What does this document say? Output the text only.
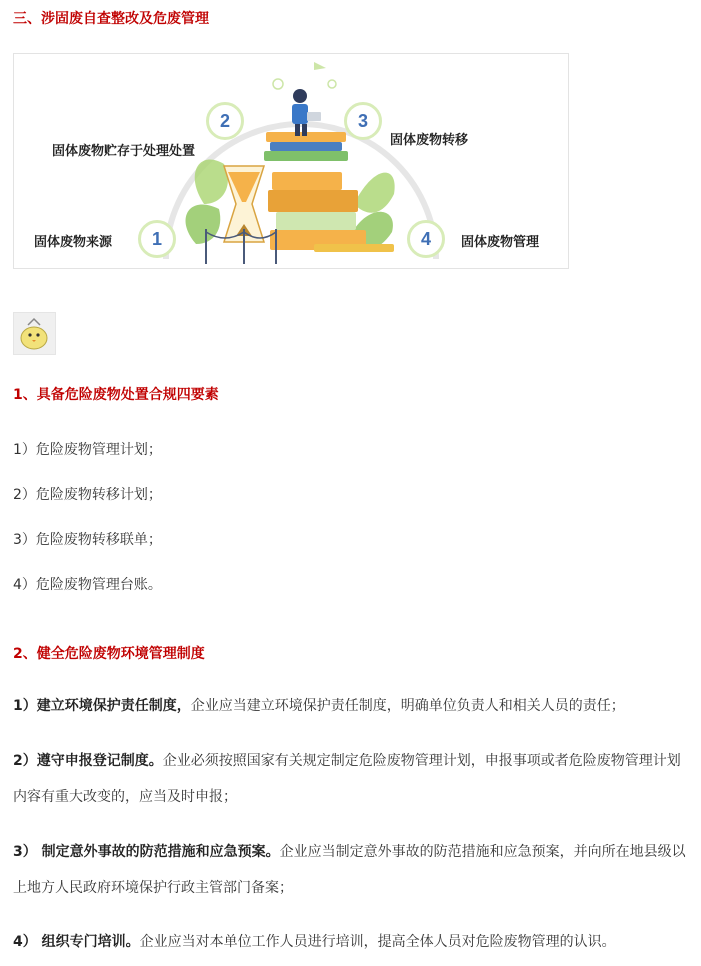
三、涉固废自查整改及危废管理
2	3
1	4
固体废物贮存于处理处置
固体废物转移
固体废物来源	固体废物管理
1、具备危险废物处置合规四要素
1）危险废物管理计划；
2）危险废物转移计划；
3）危险废物转移联单；
4）危险废物管理台账。
2、健全危险废物环境管理制度
1）建立环境保护责任制度，企业应当建立环境保护责任制度，明确单位负责人和相关人员的责任；
2）遵守申报登记制度。企业必须按照国家有关规定制定危险废物管理计划，申报事项或者危险废物管理计划内容有重大改变的，应当及时申报；
3） 制定意外事故的防范措施和应急预案。企业应当制定意外事故的防范措施和应急预案，并向所在地县级以上地方人民政府环境保护行政主管部门备案；
4） 组织专门培训。企业应当对本单位工作人员进行培训，提高全体人员对危险废物管理的认识。
